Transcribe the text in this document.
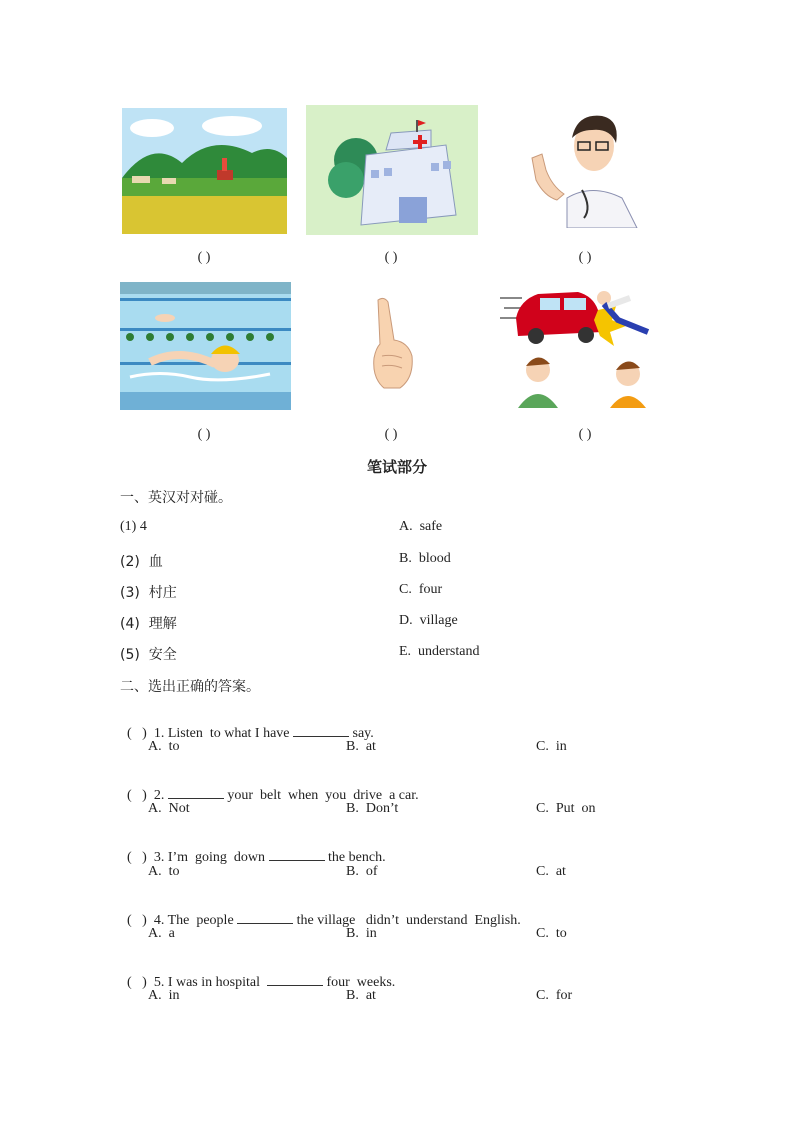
( )	( )	( )
( )	( )	( )
笔试部分
一、英汉对对碰。
(1) 4
(2)  血
(3)  村庄
(4)  理解
(5)  安全
A.  safe
B.  blood
C.  four
D.  village
E.  understand
二、选出正确的答案。

(   )  1. Listen  to what I have	say.

A.  to	B.  at	C.  in

(   )  2.	your  belt  when  you  drive  a car.

A.  Not	B.  Don’t	C.  Put  on

(   )  3. I’m  going  down	the bench.

A.  to	B.  of	C.  at

(   )  4. The  people	the village   didn’t  understand  English.

A.  a	B.  in	C.  to

(   )  5. I was in hospital	four  weeks.

A.  in	B.  at	C.  for
